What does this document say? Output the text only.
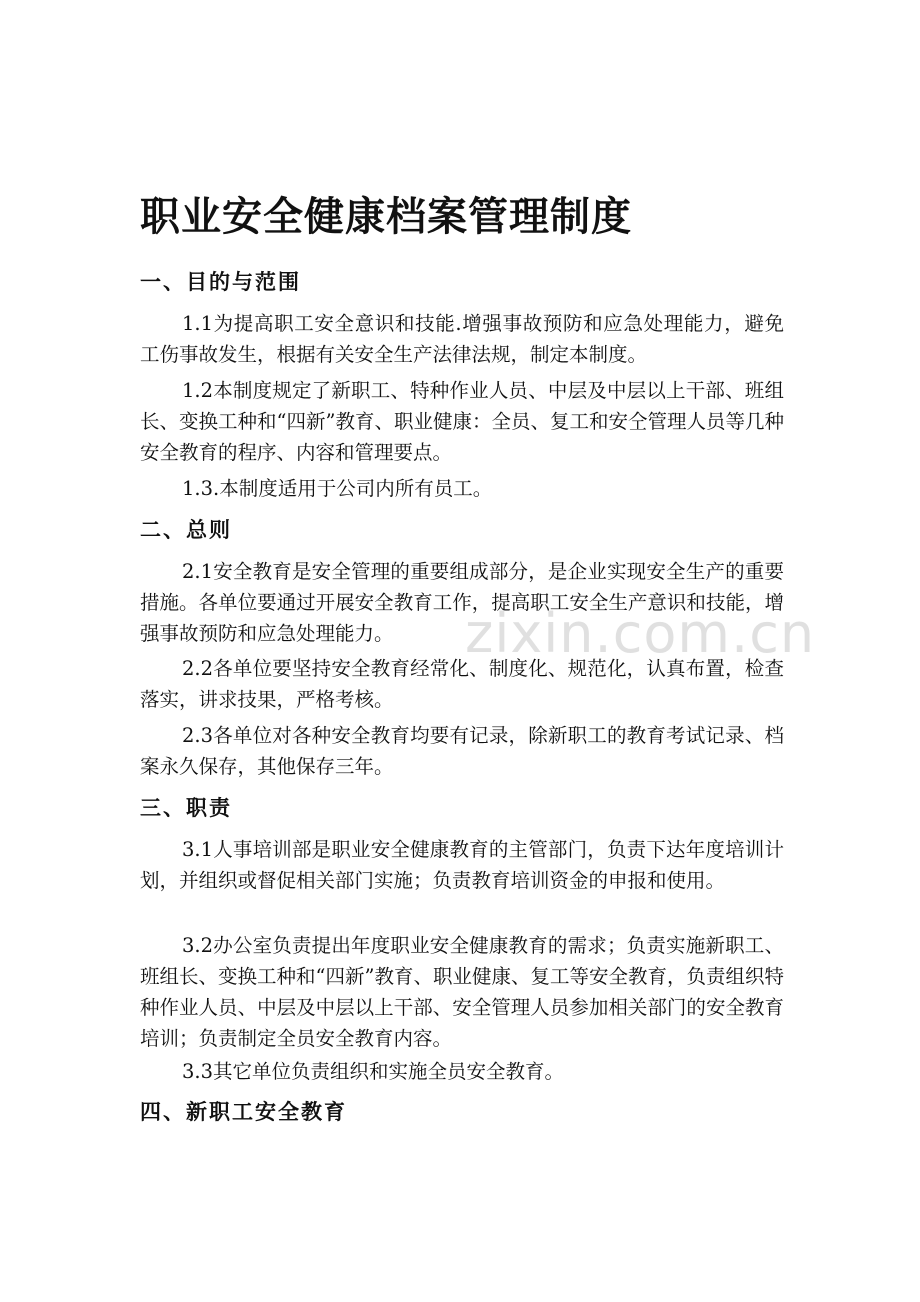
职业安全健康档案管理制度
一、目的与范围
1.1为提高职工安全意识和技能.增强事故预防和应急处理能力，避免工伤事故发生，根据有关安全生产法律法规，制定本制度。
1.2本制度规定了新职工、特种作业人员、中层及中层以上干部、班组长、变换工种和“四新”教育、职业健康：全员、复工和安仝管理人员等几种安全教育的程序、内容和管理要点。
1.3.本制度适用于公司内所有员工。
二、总则
2.1安全教育是安全管理的重要组成部分，是企业实现安全生产的重要措施。各单位要通过开展安全教育工作，提高职工安全生产意识和技能，增强事故预防和应急处理能力。
2.2各单位要坚持安全教育经常化、制度化、规范化，认真布置，检查落实，讲求技果，严格考核。
2.3各单位对各种安全教育均要有记录，除新职工的教育考试记录、档案永久保存，其他保存三年。
三、职责
3.1人事培训部是职业安全健康教育的主管部门，负责下达年度培训计划，并组织或督促相关部门实施；负责教育培训资金的申报和使用。
3.2办公室负责提出年度职业安全健康教育的需求；负责实施新职工、班组长、变换工种和“四新”教育、职业健康、复工等安全教育，负责组织特种作业人员、中层及中层以上干部、安全管理人员参加相关部门的安全教育培训；负责制定全员安全教育内容。
3.3其它单位负责组织和实施全员安全教育。
四、新职工安全教育
zixin.com.cn
